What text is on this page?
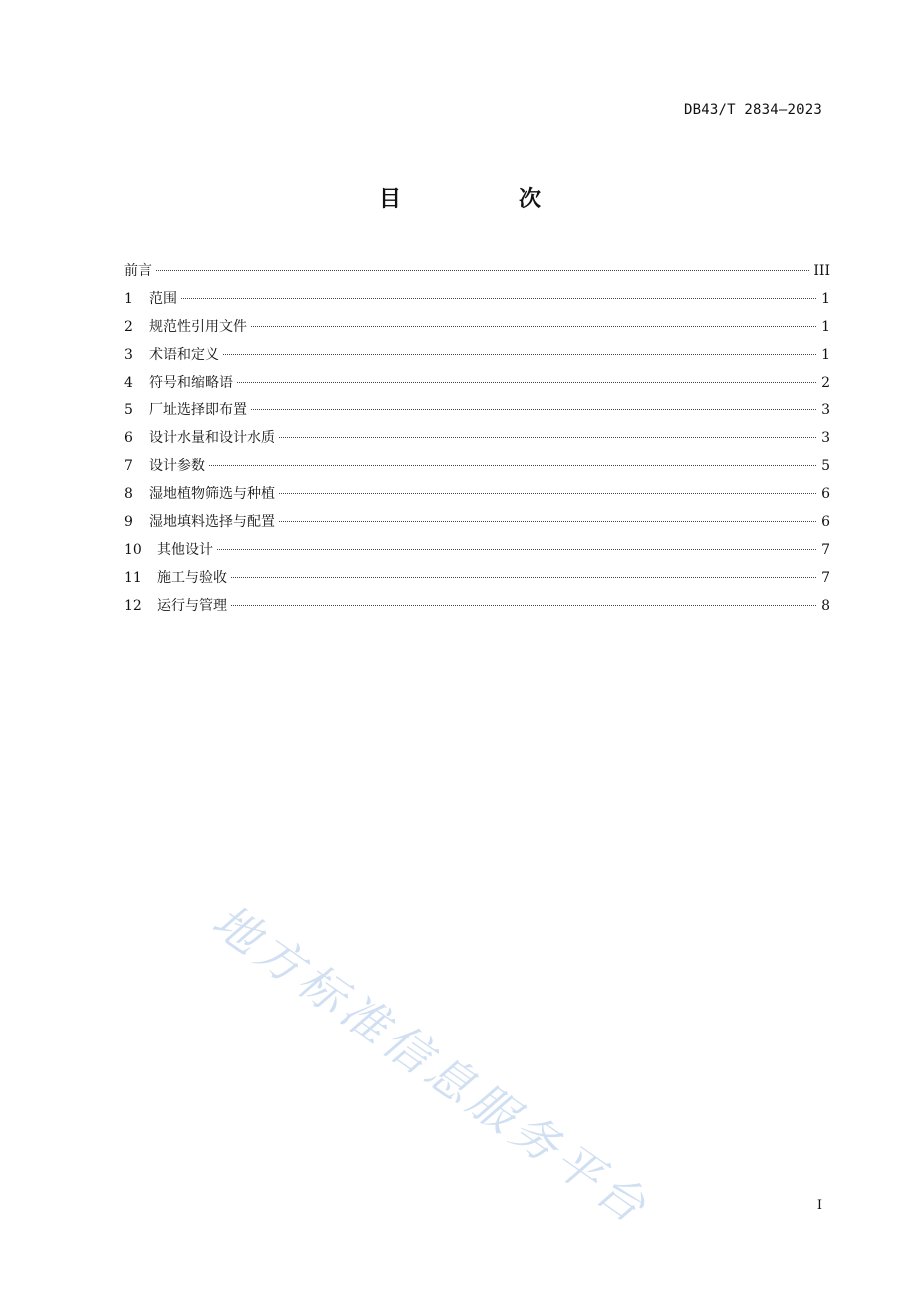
DB43/T 2834—2023
目　次
前言	III
1	范围	1
2	规范性引用文件	1
3	术语和定义	1
4	符号和缩略语	2
5	厂址选择即布置	3
6	设计水量和设计水质	3
7	设计参数	5
8	湿地植物筛选与种植	6
9	湿地填料选择与配置	6
10	其他设计	7
11	施工与验收	7
12	运行与管理	8
地方标准信息服务平台	I
